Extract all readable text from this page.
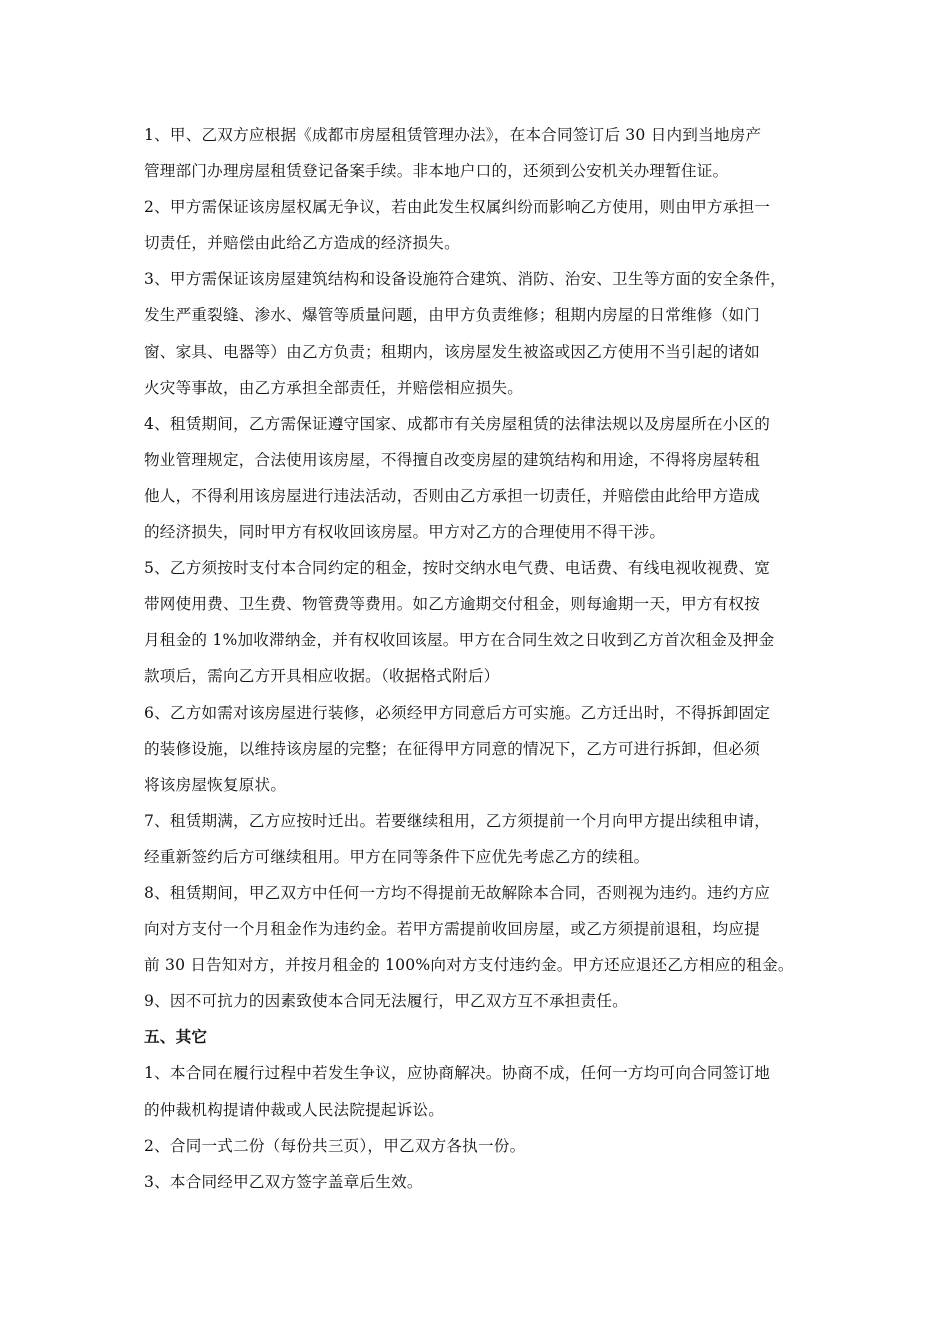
1、甲、乙双方应根据《成都市房屋租赁管理办法》，在本合同签订后 30 日内到当地房产
管理部门办理房屋租赁登记备案手续。非本地户口的，还须到公安机关办理暂住证。
2、甲方需保证该房屋权属无争议，若由此发生权属纠纷而影响乙方使用，则由甲方承担一
切责任，并赔偿由此给乙方造成的经济损失。
3、甲方需保证该房屋建筑结构和设备设施符合建筑、消防、治安、卫生等方面的安全条件，
发生严重裂缝、渗水、爆管等质量问题，由甲方负责维修；租期内房屋的日常维修（如门
窗、家具、电器等）由乙方负责；租期内，该房屋发生被盗或因乙方使用不当引起的诸如
火灾等事故，由乙方承担全部责任，并赔偿相应损失。
4、租赁期间，乙方需保证遵守国家、成都市有关房屋租赁的法律法规以及房屋所在小区的
物业管理规定，合法使用该房屋，不得擅自改变房屋的建筑结构和用途，不得将房屋转租
他人，不得利用该房屋进行违法活动，否则由乙方承担一切责任，并赔偿由此给甲方造成
的经济损失，同时甲方有权收回该房屋。甲方对乙方的合理使用不得干涉。
5、乙方须按时支付本合同约定的租金，按时交纳水电气费、电话费、有线电视收视费、宽
带网使用费、卫生费、物管费等费用。如乙方逾期交付租金，则每逾期一天，甲方有权按
月租金的 1%加收滞纳金，并有权收回该屋。甲方在合同生效之日收到乙方首次租金及押金
款项后，需向乙方开具相应收据。（收据格式附后）
6、乙方如需对该房屋进行装修，必须经甲方同意后方可实施。乙方迁出时，不得拆卸固定
的装修设施，以维持该房屋的完整；在征得甲方同意的情况下，乙方可进行拆卸，但必须
将该房屋恢复原状。
7、租赁期满，乙方应按时迁出。若要继续租用，乙方须提前一个月向甲方提出续租申请，
经重新签约后方可继续租用。甲方在同等条件下应优先考虑乙方的续租。
8、租赁期间，甲乙双方中任何一方均不得提前无故解除本合同，否则视为违约。违约方应
向对方支付一个月租金作为违约金。若甲方需提前收回房屋，或乙方须提前退租，均应提
前 30 日告知对方，并按月租金的 100%向对方支付违约金。甲方还应退还乙方相应的租金。
9、因不可抗力的因素致使本合同无法履行，甲乙双方互不承担责任。
五、其它
1、本合同在履行过程中若发生争议，应协商解决。协商不成，任何一方均可向合同签订地
的仲裁机构提请仲裁或人民法院提起诉讼。
2、合同一式二份（每份共三页），甲乙双方各执一份。
3、本合同经甲乙双方签字盖章后生效。
